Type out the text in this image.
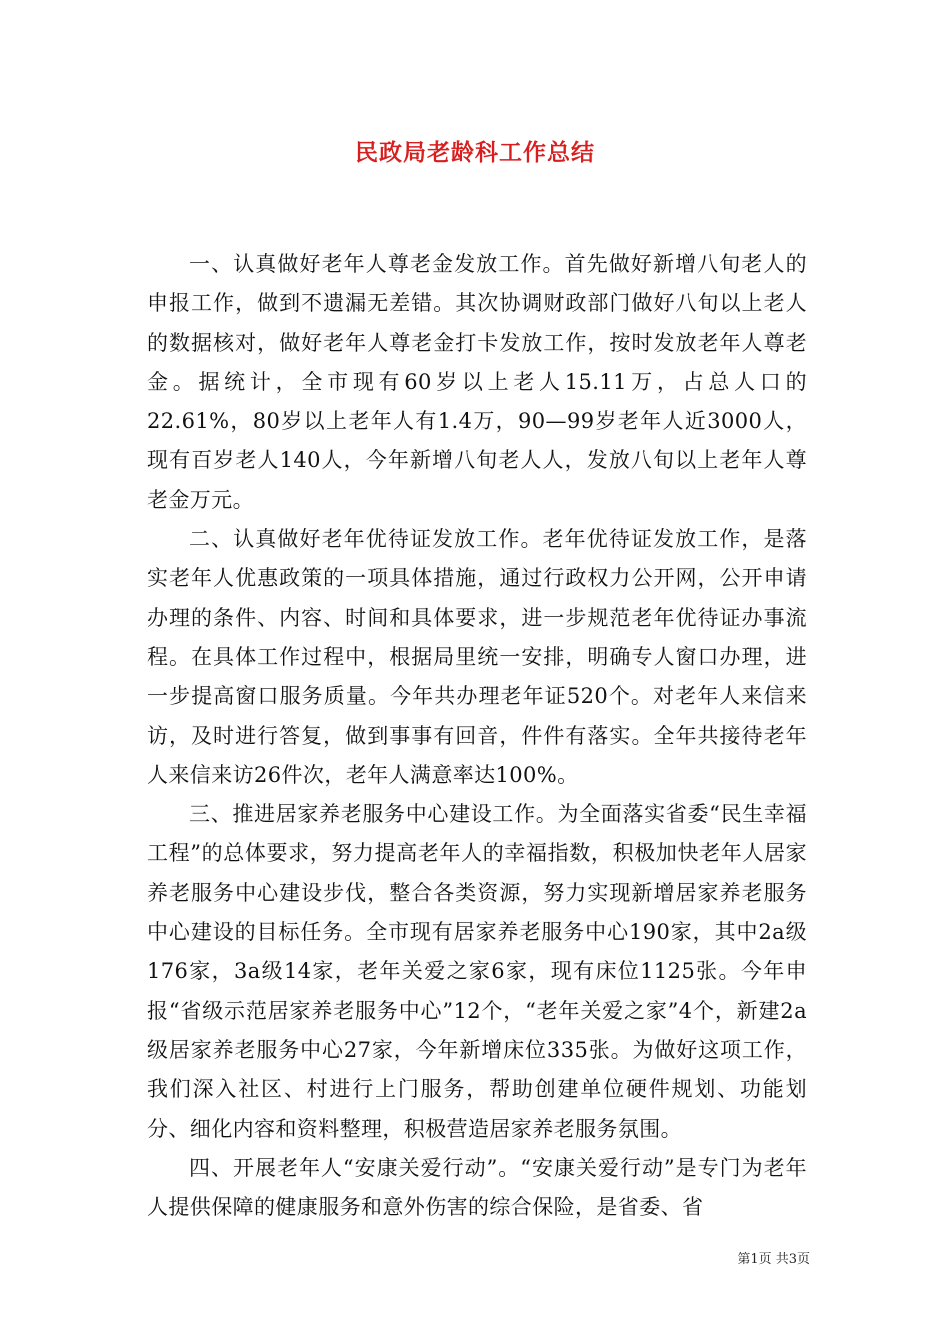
民政局老龄科工作总结

一、认真做好老年人尊老金发放工作。首先做好新增八旬老人的申报工作，做到不遗漏无差错。其次协调财政部门做好八旬以上老人的数据核对，做好老年人尊老金打卡发放工作，按时发放老年人尊老金。据统计，全市现有60岁以上老人15.11万，占总人口的22.61%，80岁以上老年人有1.4万，90—99岁老年人近3000人，现有百岁老人140人，今年新增八旬老人人，发放八旬以上老年人尊老金万元。

二、认真做好老年优待证发放工作。老年优待证发放工作，是落实老年人优惠政策的一项具体措施，通过行政权力公开网，公开申请办理的条件、内容、时间和具体要求，进一步规范老年优待证办事流程。在具体工作过程中，根据局里统一安排，明确专人窗口办理，进一步提高窗口服务质量。今年共办理老年证520个。对老年人来信来访，及时进行答复，做到事事有回音，件件有落实。全年共接待老年人来信来访26件次，老年人满意率达100%。

三、推进居家养老服务中心建设工作。为全面落实省委“民生幸福工程”的总体要求，努力提高老年人的幸福指数，积极加快老年人居家养老服务中心建设步伐，整合各类资源，努力实现新增居家养老服务中心建设的目标任务。全市现有居家养老服务中心190家，其中2a级176家，3a级14家，老年关爱之家6家，现有床位1125张。今年申报“省级示范居家养老服务中心”12个，“老年关爱之家”4个，新建2a级居家养老服务中心27家，今年新增床位335张。为做好这项工作，我们深入社区、村进行上门服务，帮助创建单位硬件规划、功能划分、细化内容和资料整理，积极营造居家养老服务氛围。

四、开展老年人“安康关爱行动”。“安康关爱行动”是专门为老年人提供保障的健康服务和意外伤害的综合保险，是省委、省

第1页 共3页
